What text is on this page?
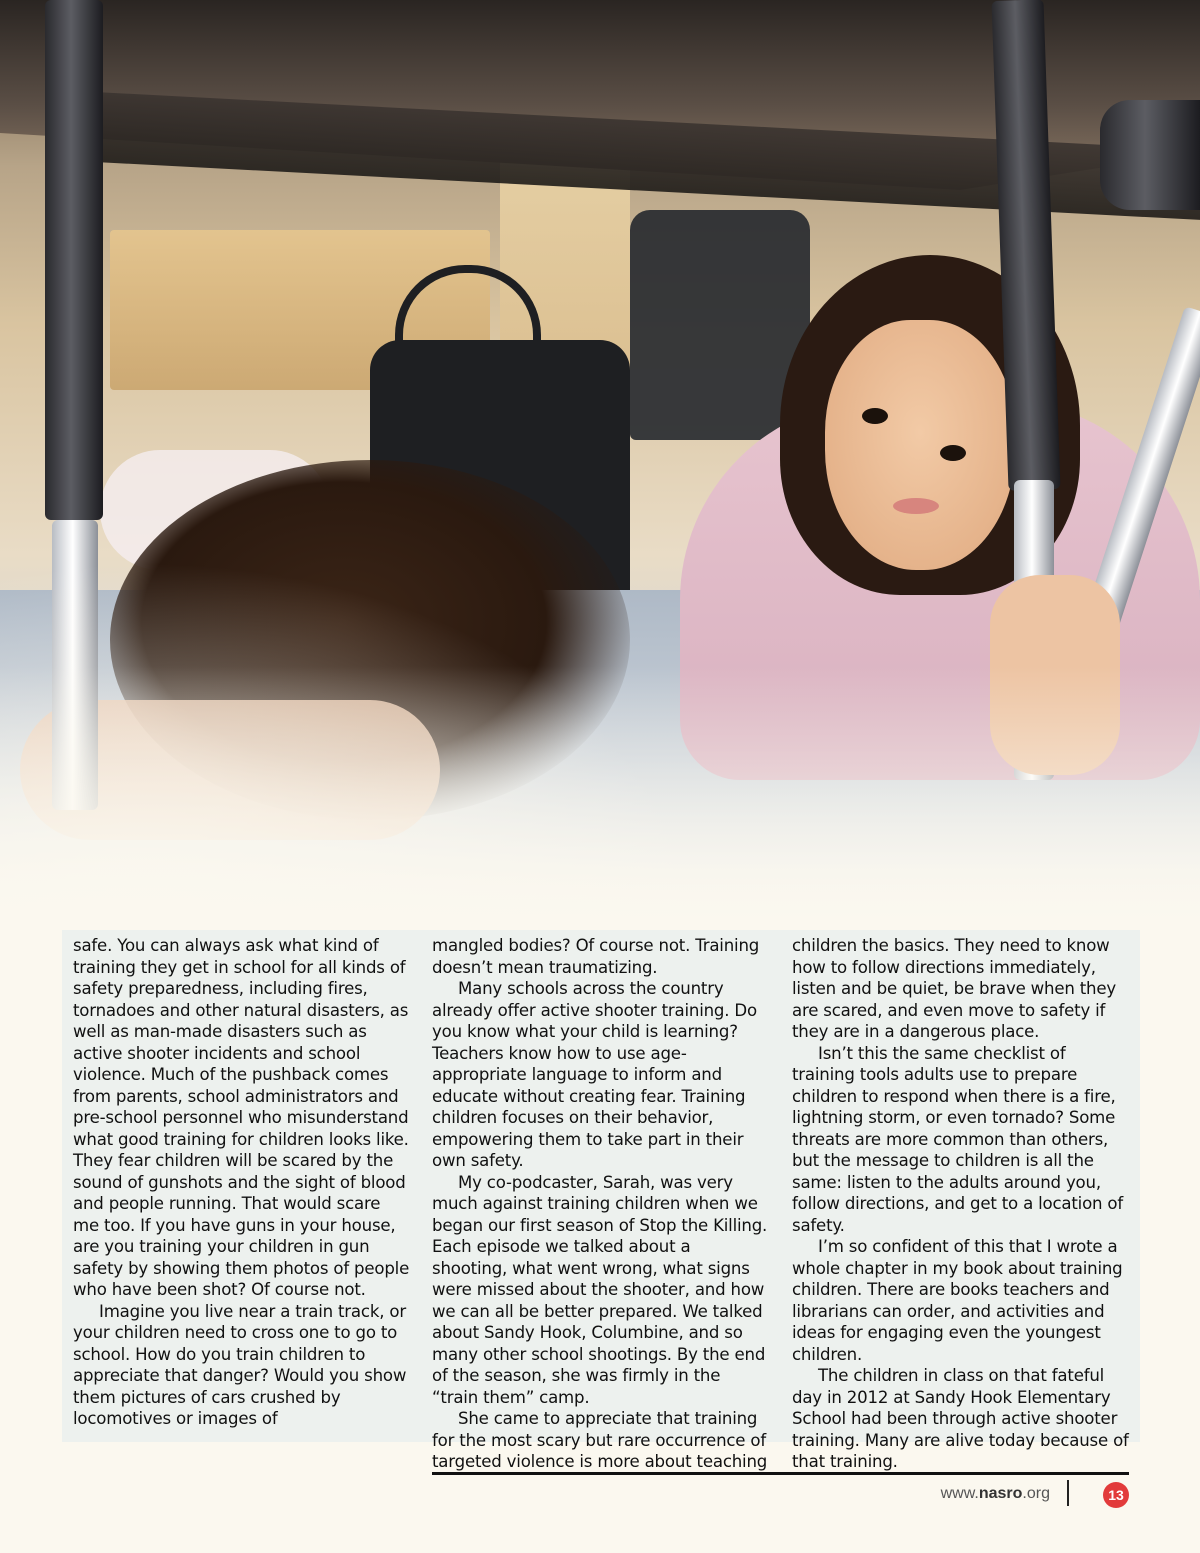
safe. You can always ask what kind of training they get in school for all kinds of safety preparedness, including fires, tornadoes and other natural disasters, as well as man-made disasters such as active shooter incidents and school violence. Much of the pushback comes from parents, school administrators and pre-school personnel who misunderstand what good training for children looks like. They fear children will be scared by the sound of gunshots and the sight of blood and people running. That would scare me too. If you have guns in your house, are you training your children in gun safety by showing them photos of people who have been shot? Of course not.

Imagine you live near a train track, or your children need to cross one to go to school. How do you train children to appreciate that danger? Would you show them pictures of cars crushed by locomotives or images of

mangled bodies? Of course not. Training doesn’t mean traumatizing.

Many schools across the country already offer active shooter training. Do you know what your child is learning? Teachers know how to use age-appropriate language to inform and educate without creating fear. Training children focuses on their behavior, empowering them to take part in their own safety.

My co-podcaster, Sarah, was very much against training children when we began our first season of Stop the Killing. Each episode we talked about a shooting, what went wrong, what signs were missed about the shooter, and how we can all be better prepared. We talked about Sandy Hook, Columbine, and so many other school shootings. By the end of the season, she was firmly in the “train them” camp.

She came to appreciate that training for the most scary but rare occurrence of targeted violence is more about teaching

children the basics. They need to know how to follow directions immediately, listen and be quiet, be brave when they are scared, and even move to safety if they are in a dangerous place.

Isn’t this the same checklist of training tools adults use to prepare children to respond when there is a fire, lightning storm, or even tornado? Some threats are more common than others, but the message to children is all the same: listen to the adults around you, follow directions, and get to a location of safety.

I’m so confident of this that I wrote a whole chapter in my book about training children. There are books teachers and librarians can order, and activities and ideas for engaging even the youngest children.

The children in class on that fateful day in 2012 at Sandy Hook Elementary School had been through active shooter training. Many are alive today because of that training.

www.nasro.org	13
